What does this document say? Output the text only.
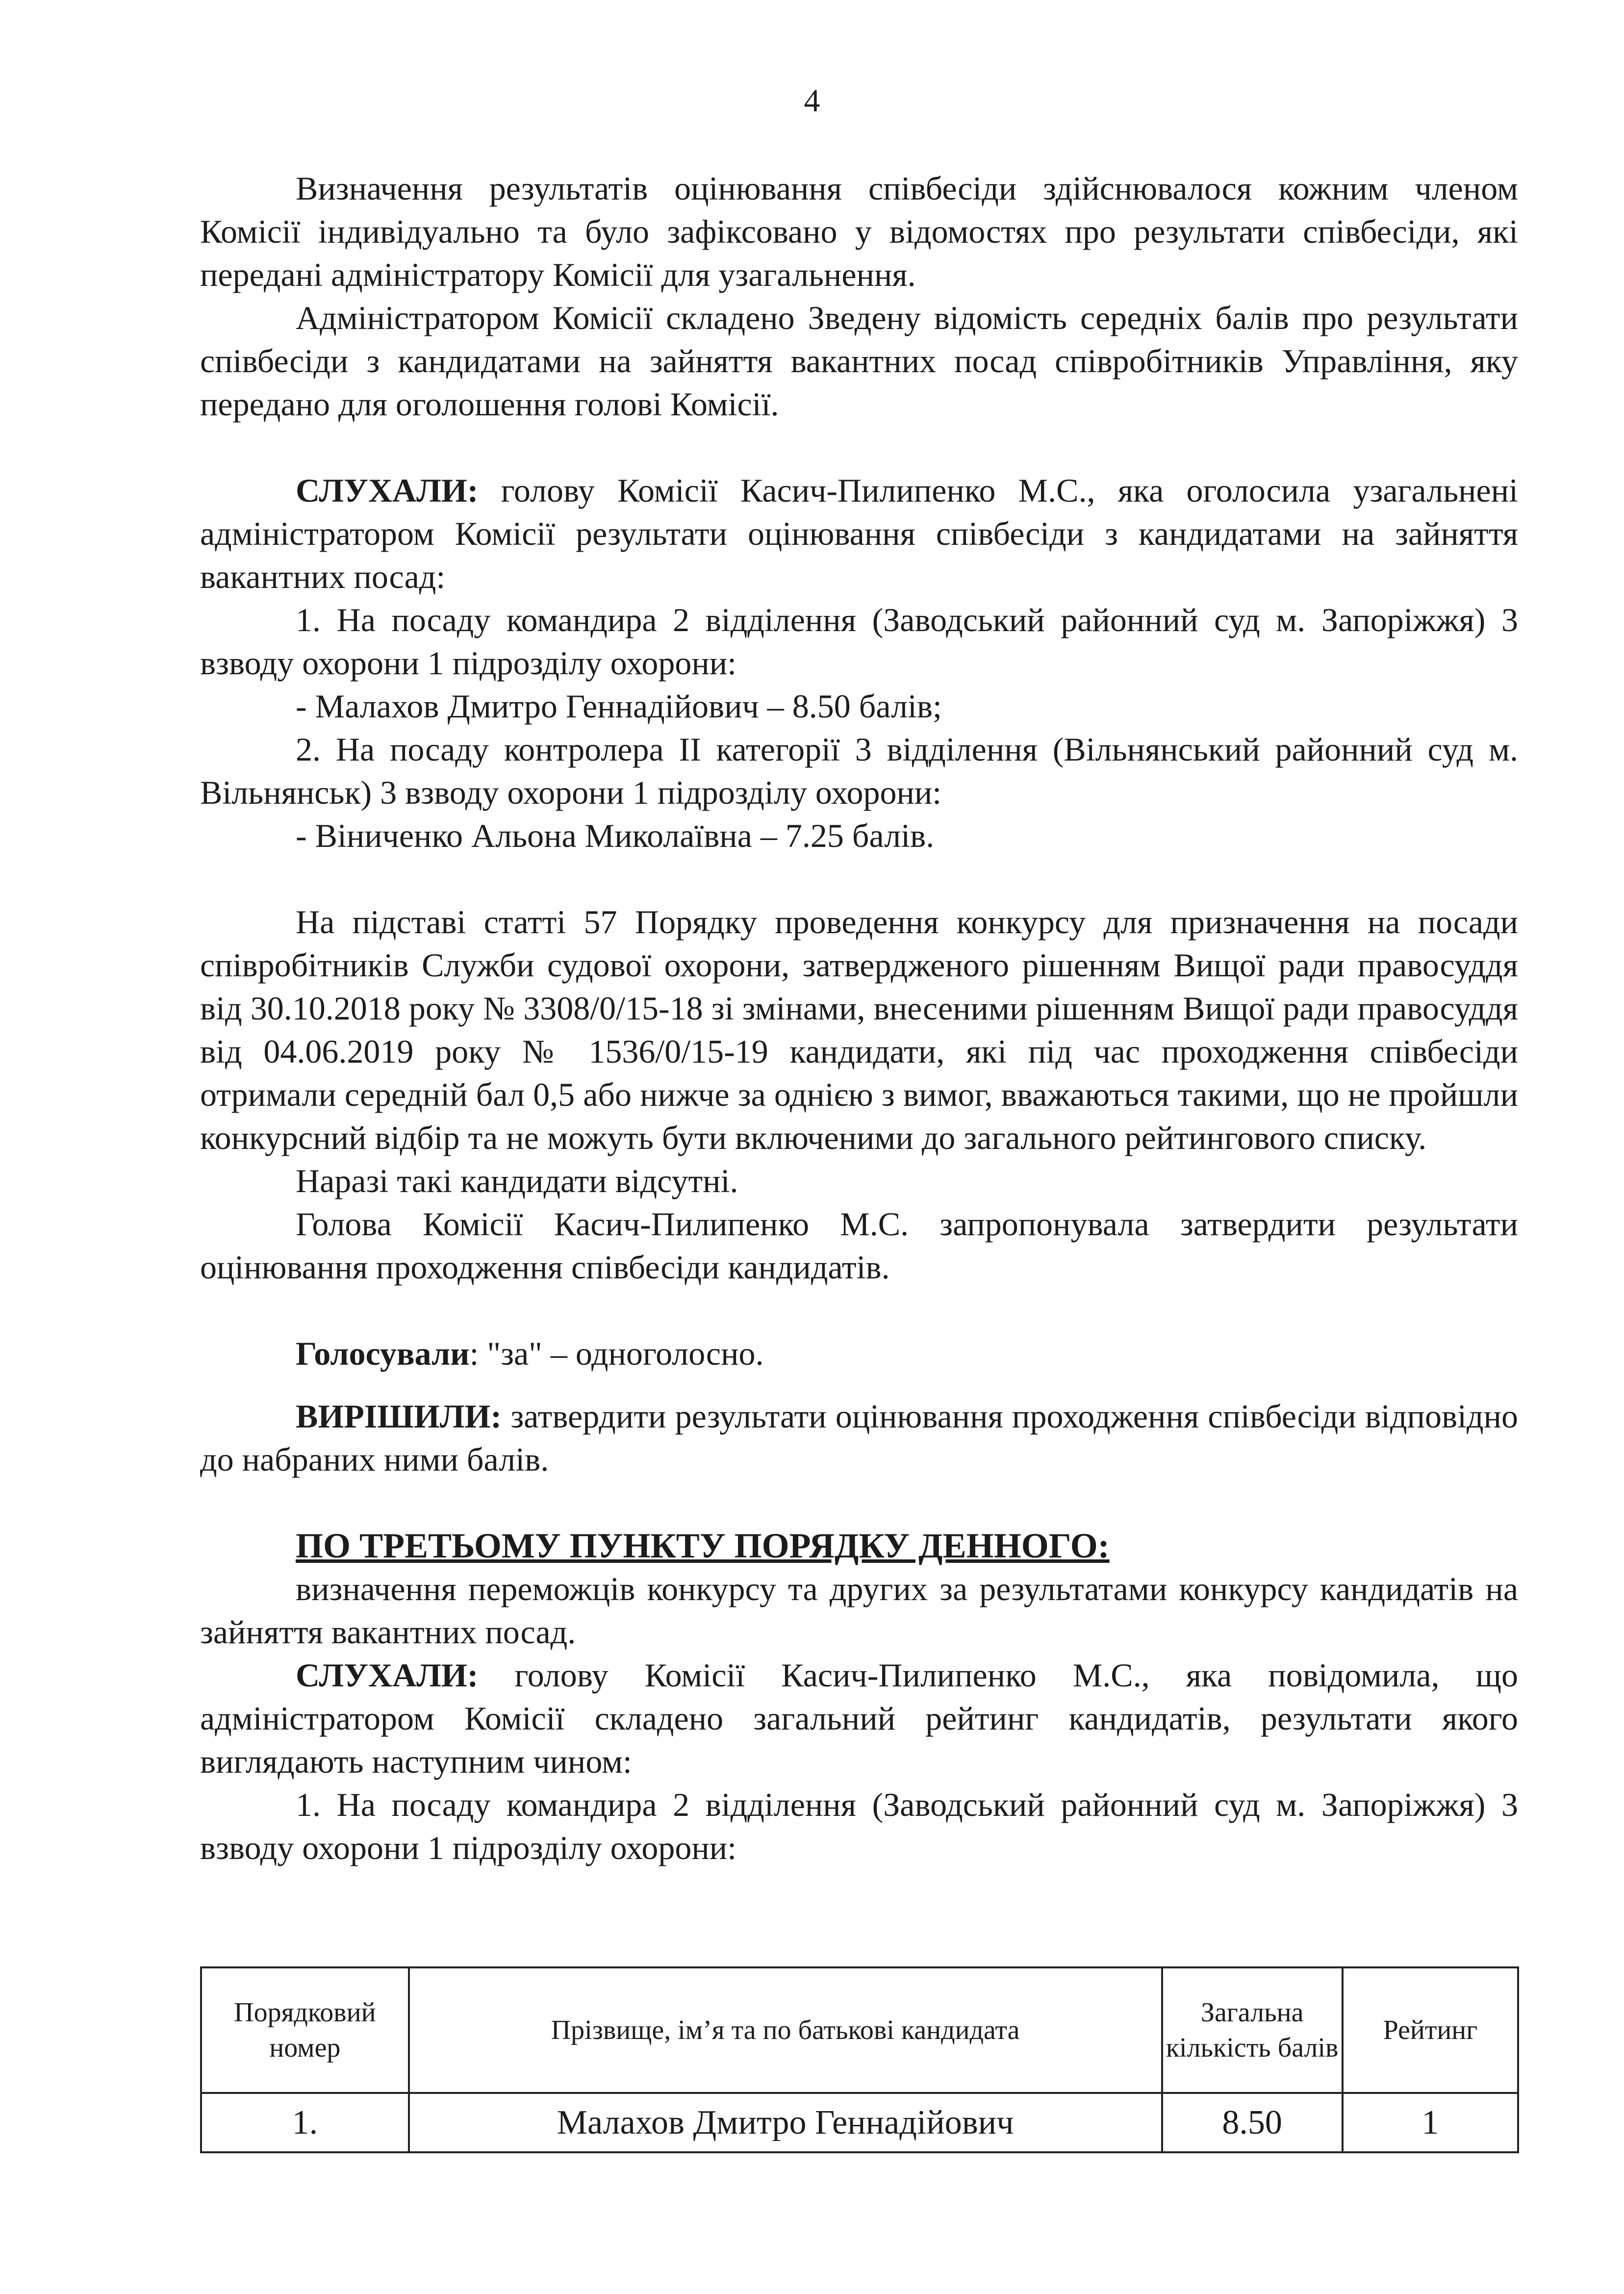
4

Визначення результатів оцінювання співбесіди здійснювалося кожним членом Комісії індивідуально та було зафіксовано у відомостях про результати співбесіди, які передані адміністратору Комісії для узагальнення.

Адміністратором Комісії складено Зведену відомість середніх балів про результати співбесіди з кандидатами на зайняття вакантних посад співробітників Управління, яку передано для оголошення голові Комісії.

СЛУХАЛИ: голову Комісії Касич-Пилипенко М.С., яка оголосила узагальнені адміністратором Комісії результати оцінювання співбесіди з кандидатами на зайняття вакантних посад:

1. На посаду командира 2 відділення (Заводський районний суд м. Запоріжжя) 3 взводу охорони 1 підрозділу охорони:

- Малахов Дмитро Геннадійович – 8.50 балів;

2. На посаду контролера ІІ категорії 3 відділення (Вільнянський районний суд м. Вільнянськ) 3 взводу охорони 1 підрозділу охорони:

- Віниченко Альона Миколаївна – 7.25 балів.

На підставі статті 57 Порядку проведення конкурсу для призначення на посади співробітників Служби судової охорони, затвердженого рішенням Вищої ради правосуддя від 30.10.2018 року № 3308/0/15-18 зі змінами, внесеними рішенням Вищої ради правосуддя від 04.06.2019 року № 1536/0/15-19 кандидати, які під час проходження співбесіди отримали середній бал 0,5 або нижче за однією з вимог, вважаються такими, що не пройшли конкурсний відбір та не можуть бути включеними до загального рейтингового списку.

Наразі такі кандидати відсутні.

Голова Комісії Касич-Пилипенко М.С. запропонувала затвердити результати оцінювання проходження співбесіди кандидатів.

Голосували: "за" – одноголосно.

ВИРІШИЛИ: затвердити результати оцінювання проходження співбесіди відповідно до набраних ними балів.

ПО ТРЕТЬОМУ ПУНКТУ ПОРЯДКУ ДЕННОГО:

визначення переможців конкурсу та других за результатами конкурсу кандидатів на зайняття вакантних посад.

СЛУХАЛИ: голову Комісії Касич-Пилипенко М.С., яка повідомила, що адміністратором Комісії складено загальний рейтинг кандидатів, результати якого виглядають наступним чином:

1. На посаду командира 2 відділення (Заводський районний суд м. Запоріжжя) 3 взводу охорони 1 підрозділу охорони:

Порядковий номер	Прізвище, ім’я та по батькові кандидата	Загальна кількість балів	Рейтинг
1.	Малахов Дмитро Геннадійович	8.50	1
